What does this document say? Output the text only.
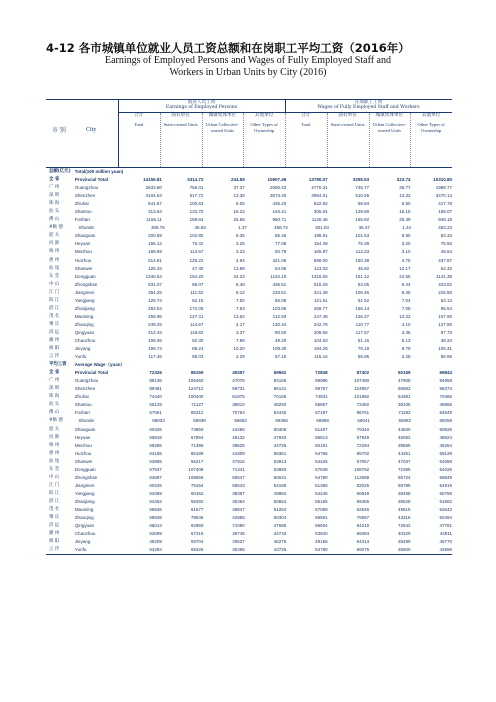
4-12 各市城镇单位就业人员工资总额和在岗职工平均工资（2016年）
Earnings of Employed Persons and Wages of Fully Employed Staff and
Workers in Urban Units by City (2016)
就业人员工资
Earnings of Employed Persons
在岗职工工资
Wages of Fully Employed Staff and Workers
市 别	City
合计
Total
国有单位
State-owned Units
城镇集体单位
Urban Collective-owned Units
其他单位
Other Types of Ownership
合计
Total
国有单位
State-owned Units
城镇集体单位
Urban Collective-owned Units
其他单位
Other Types of Ownership
总额(亿元) Total(100 million yuan)
全 省	Provincial Total	14156.81	3314.72	234.59	10607.49	13790.07	3255.53	223.74	10310.80
广 州	Guangzhou	2833.80	756.01	37.37	2060.43	2770.31	745.77	35.77	1988.77
深 圳	Shenzhen	4104.53	517.72	13.38	3573.40	3994.01	510.55	13.32	3470.14
珠 海	Zhuhai	541.87	100.63	6.05	435.20	522.62	98.94	5.90	417.78
汕 头	Shantou	313.64	133.70	16.22	163.41	305.04	129.80	16.18	159.07
佛 山	Foshan	1155.11	168.84	25.56	960.71	1140.46	165.82	25.39	949.18
#顺 德	Shunde	306.76	36.63	1.37	468.72	301.03	36.47	1.34	463.23
韶 关	Shaoguan	200.59	102.80	9.35	85.45	195.91	101.63	8.90	83.33
河 源	Heyuan	156.12	75.42	3.25	77.09	154.39	75.38	3.20	75.50
梅 州	Meizhou	169.69	113.67	3.23	50.79	165.97	112.23	3.10	48.64
惠 州	Huizhou	614.81	125.22	4.94	421.06	599.00	150.38	4.75	437.87
汕 尾	Shanwei	126.33	47.40	13.98	64.95	123.33	46.82	12.17	64.32
东 莞	Dongguan	1340.54	154.20	24.23	1162.10	1316.05	151.12	23.55	1141.38
中 山	Zhongshan	531.07	86.07	8.48	436.51	515.29	83.05	8.44	423.82
江 门	Jiangmen	354.25	111.52	9.12	233.61	341.39	106.46	8.45	226.50
阳 江	Yangjiang	125.74	62.15	7.50	56.08	121.61	61.52	7.04	53.13
湛 江	Zhanjiang	283.53	172.05	7.63	103.85	268.77	166.14	7.08	95.54
茂 名	Maoming	258.96	127.41	13.62	112.93	247.48	126.27	13.32	107.90
肇 庆	Zhaoqing	249.25	114.67	4.17	130.44	242.78	110.77	4.10	127.90
清 远	Qingyuan	212.43	118.62	3.37	90.50	208.66	117.57	3.36	87.73
潮 州	Chaozhou	109.36	52.30	7.86	49.20	104.63	51.16	5.13	48.34
揭 阳	Jieyang	199.74	89.24	10.20	109.30	194.29	79.19	9.79	105.31
云 浮	Yunfu	117.46	58.03	2.29	57.15	115.16	56.95	2.28	55.95
平均工资	Average Wage（yuan）
全 省	Provincial Total	72326	86159	49357	69552	72848	87402	50159	69844
广 州	Guangzhou	88136	106450	47076	84155	89096	107490	47908	84958
深 圳	Shenzhen	89481	124712	59731	86141	89757	124957	60682	86374
珠 海	Zhuhai	74440	100400	51975	70156	74931	101892	54381	70486
汕 头	Shantou	55129	71127	38810	48292	55867	72492	39105	48855
佛 山	Foshan	67061	86312	70764	64445	67187	86751	71192	64549
#顺 德	Shunde	69033	65939	55682	69356	68968	66041	55882	69259
韶 关	Shaoguan	60426	74850	44286	50406	61467	76340	44830	50626
河 源	Heyuan	55818	67894	46132	47940	56513	67949	46052	48824
梅 州	Meizhou	59286	71395	39525	44725	60191	72294	39565	45254
惠 州	Huizhou	64185	85189	44309	58361	64766	85702	44251	59129
汕 尾	Shanwei	53995	56217	47916	53913	54425	57057	47037	54068
东 莞	Dongguan	57537	107408	71341	53993	57649	108762	72395	54026
中 山	Zhongshan	64697	109556	55547	60041	64790	112588	55724	59849
江 门	Jiangmen	60226	79154	56643	54169	61366	82025	59785	54919
阳 江	Yangjiang	53489	60152	38387	49984	54245	60648	38498	50788
湛 江	Zhanjiang	54452	58492	35364	50664	55165	59455	36528	51682
茂 名	Maoming	55846	61677	48847	51264	57059	62546	49515	52642
肇 庆	Zhaoqing	58838	78646	42955	50304	59591	76587	43316	50494
清 远	Qingyuan	66013	92960	71090	47686	66604	94210	72642	47781
潮 州	Chaozhou	52699	67216	39745	44733	53940	69494	40329	44911
揭 阳	Jieyang	48209	59704	30527	46275	48156	54314	35499	45770
云 浮	Yunfu	54294	68325	35395	43725	54780	69275	35600	42996
